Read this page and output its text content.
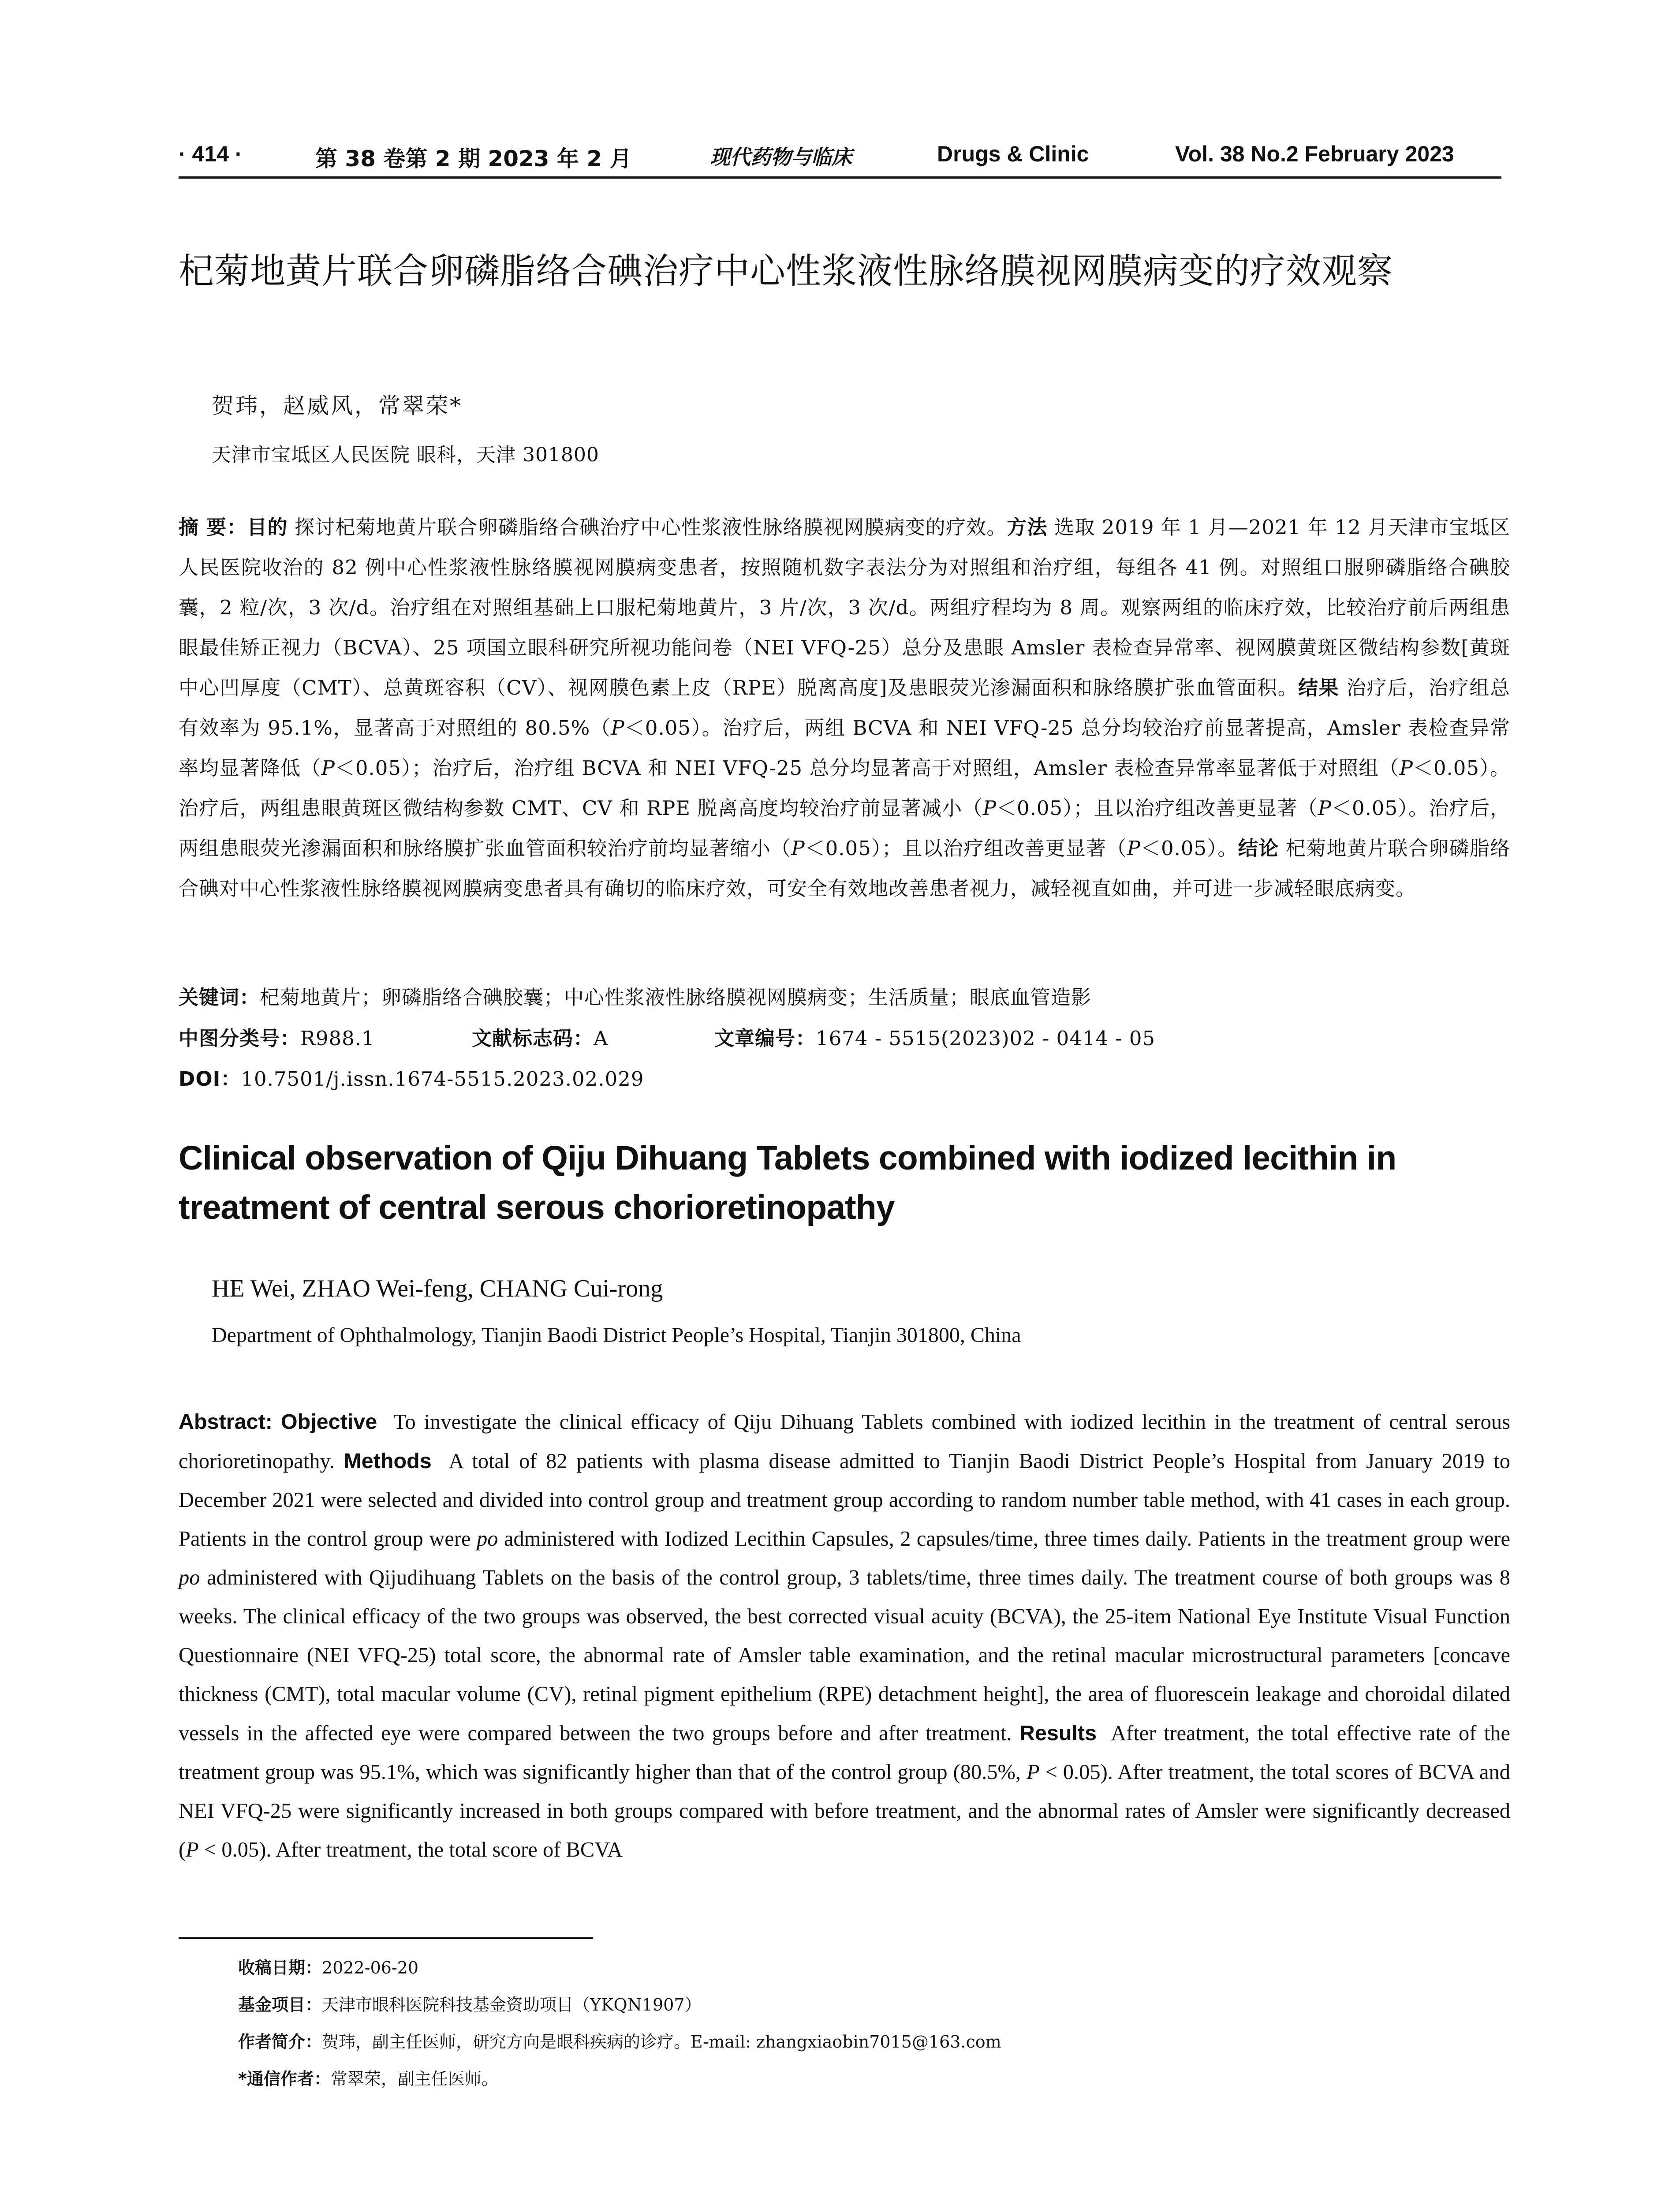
· 414 ·	第 38 卷第 2 期 2023 年 2 月	现代药物与临床	Drugs & Clinic	Vol. 38 No.2 February 2023
杞菊地黄片联合卵磷脂络合碘治疗中心性浆液性脉络膜视网膜病变的疗效观察
贺玮，赵威风，常翠荣*
天津市宝坻区人民医院 眼科，天津 301800
摘 要：目的 探讨杞菊地黄片联合卵磷脂络合碘治疗中心性浆液性脉络膜视网膜病变的疗效。方法 选取 2019 年 1 月—2021 年 12 月天津市宝坻区人民医院收治的 82 例中心性浆液性脉络膜视网膜病变患者，按照随机数字表法分为对照组和治疗组，每组各 41 例。对照组口服卵磷脂络合碘胶囊，2 粒/次，3 次/d。治疗组在对照组基础上口服杞菊地黄片，3 片/次，3 次/d。两组疗程均为 8 周。观察两组的临床疗效，比较治疗前后两组患眼最佳矫正视力（BCVA）、25 项国立眼科研究所视功能问卷（NEI VFQ-25）总分及患眼 Amsler 表检查异常率、视网膜黄斑区微结构参数[黄斑中心凹厚度（CMT）、总黄斑容积（CV）、视网膜色素上皮（RPE）脱离高度]及患眼荧光渗漏面积和脉络膜扩张血管面积。结果 治疗后，治疗组总有效率为 95.1%，显著高于对照组的 80.5%（P＜0.05）。治疗后，两组 BCVA 和 NEI VFQ-25 总分均较治疗前显著提高，Amsler 表检查异常率均显著降低（P＜0.05）；治疗后，治疗组 BCVA 和 NEI VFQ-25 总分均显著高于对照组，Amsler 表检查异常率显著低于对照组（P＜0.05）。治疗后，两组患眼黄斑区微结构参数 CMT、CV 和 RPE 脱离高度均较治疗前显著减小（P＜0.05）；且以治疗组改善更显著（P＜0.05）。治疗后，两组患眼荧光渗漏面积和脉络膜扩张血管面积较治疗前均显著缩小（P＜0.05）；且以治疗组改善更显著（P＜0.05）。结论 杞菊地黄片联合卵磷脂络合碘对中心性浆液性脉络膜视网膜病变患者具有确切的临床疗效，可安全有效地改善患者视力，减轻视直如曲，并可进一步减轻眼底病变。
关键词：杞菊地黄片；卵磷脂络合碘胶囊；中心性浆液性脉络膜视网膜病变；生活质量；眼底血管造影
中图分类号：R988.1	文献标志码：A	文章编号：1674 - 5515(2023)02 - 0414 - 05
DOI：10.7501/j.issn.1674-5515.2023.02.029
Clinical observation of Qiju Dihuang Tablets combined with iodized lecithin in treatment of central serous chorioretinopathy
HE Wei, ZHAO Wei-feng, CHANG Cui-rong
Department of Ophthalmology, Tianjin Baodi District People’s Hospital, Tianjin 301800, China
Abstract: Objective To investigate the clinical efficacy of Qiju Dihuang Tablets combined with iodized lecithin in the treatment of central serous chorioretinopathy. Methods A total of 82 patients with plasma disease admitted to Tianjin Baodi District People’s Hospital from January 2019 to December 2021 were selected and divided into control group and treatment group according to random number table method, with 41 cases in each group. Patients in the control group were po administered with Iodized Lecithin Capsules, 2 capsules/time, three times daily. Patients in the treatment group were po administered with Qijudihuang Tablets on the basis of the control group, 3 tablets/time, three times daily. The treatment course of both groups was 8 weeks. The clinical efficacy of the two groups was observed, the best corrected visual acuity (BCVA), the 25-item National Eye Institute Visual Function Questionnaire (NEI VFQ-25) total score, the abnormal rate of Amsler table examination, and the retinal macular microstructural parameters [concave thickness (CMT), total macular volume (CV), retinal pigment epithelium (RPE) detachment height], the area of fluorescein leakage and choroidal dilated vessels in the affected eye were compared between the two groups before and after treatment. Results After treatment, the total effective rate of the treatment group was 95.1%, which was significantly higher than that of the control group (80.5%, P < 0.05). After treatment, the total scores of BCVA and NEI VFQ-25 were significantly increased in both groups compared with before treatment, and the abnormal rates of Amsler were significantly decreased (P < 0.05). After treatment, the total score of BCVA
收稿日期：2022-06-20
基金项目：天津市眼科医院科技基金资助项目（YKQN1907）
作者简介：贺玮，副主任医师，研究方向是眼科疾病的诊疗。E-mail: zhangxiaobin7015@163.com
*通信作者：常翠荣，副主任医师。
